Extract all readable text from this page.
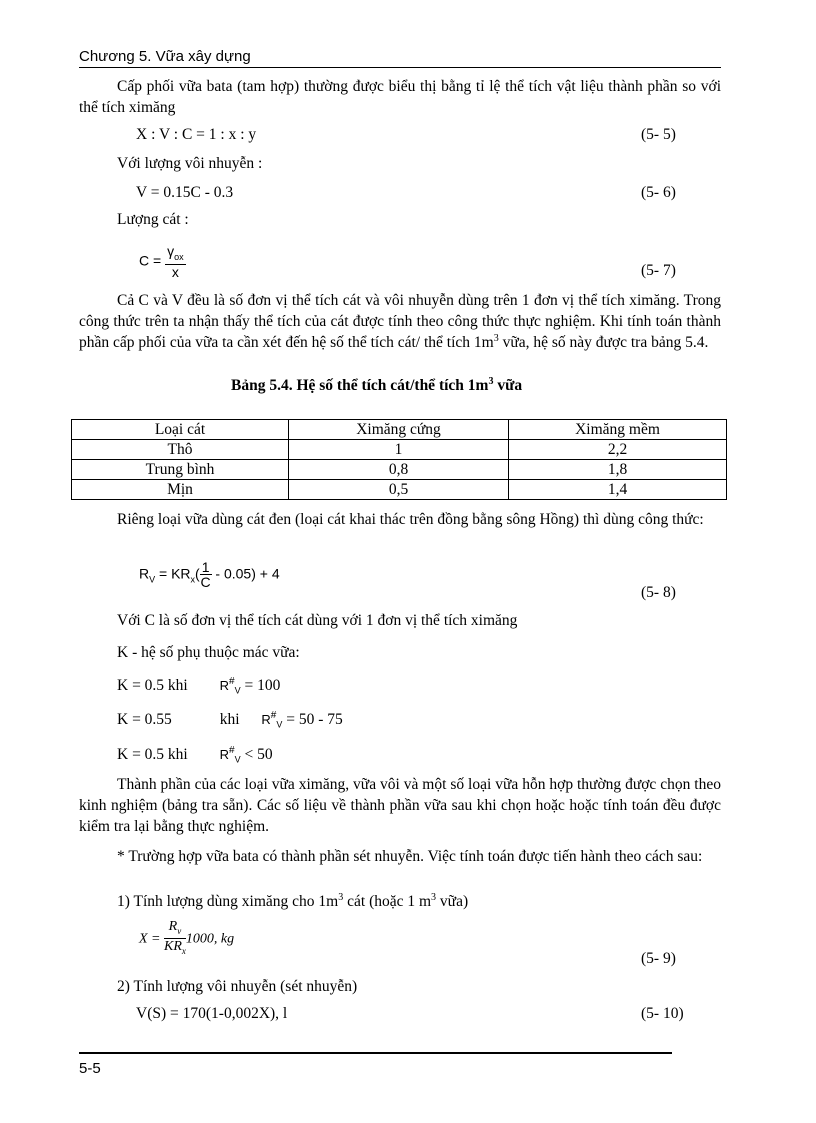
Chương 5. Vữa xây dựng
Cấp phối vữa bata (tam hợp) thường được biểu thị bằng tỉ lệ thể tích vật liệu thành phần so với thể tích ximăng
X : V : C = 1 : x : y	(5- 5)
Với lượng vôi nhuyễn :
V = 0.15C - 0.3	(5- 6)
Lượng cát :
$C = \frac{\gamma_{ox}}{x}$	(5- 7)
Cả C và V đều là số đơn vị thể tích cát và vôi nhuyễn dùng trên 1 đơn vị thể tích ximăng. Trong công thức trên ta nhận thấy thể tích của cát được tính theo công thức thực nghiệm. Khi tính toán thành phần cấp phối của vữa ta cần xét đến hệ số thể tích cát/ thể tích $1m^3$ vữa, hệ số này được tra bảng 5.4.
Bảng 5.4. Hệ số thể tích cát/thể tích $1m^3$ vữa
Loại cát	Ximăng cứng	Ximăng mềm
Thô	1	2,2
Trung bình	0,8	1,8
Mịn	0,5	1,4
Riêng loại vữa dùng cát đen (loại cát khai thác trên đồng bằng sông Hồng) thì dùng công thức:
$R_V = KR_x( \frac{1}{C} - 0.05) + 4$
(5- 8)
Với C là số đơn vị thể tích cát dùng với 1 đơn vị thể tích ximăng
K - hệ số phụ thuộc mác vữa:
K = 0.5 khi $R^{\#}_V = 100$
K = 0.55	khi $R^{\#}_V = 50 - 75$
K = 0.5 khi $R^{\#}_V < 50$
Thành phần của các loại vữa ximăng, vữa vôi và một số loại vữa hỗn hợp thường được chọn theo kinh nghiệm (bảng tra sẵn). Các số liệu về thành phần vữa sau khi chọn hoặc hoặc tính toán đều được kiểm tra lại bằng thực nghiệm.
* Trường hợp vữa bata có thành phần sét nhuyễn. Việc tính toán được tiến hành theo cách sau:
1) Tính lượng dùng ximăng cho $1m^3$ cát (hoặc 1 $m^3$ vữa)
$X = \frac{R_v}{KR_x} 1000$, kg
(5- 9)
2) Tính lượng vôi nhuyễn (sét nhuyễn)
V(S) = 170(1-0,002X), l	(5- 10)
5-5
